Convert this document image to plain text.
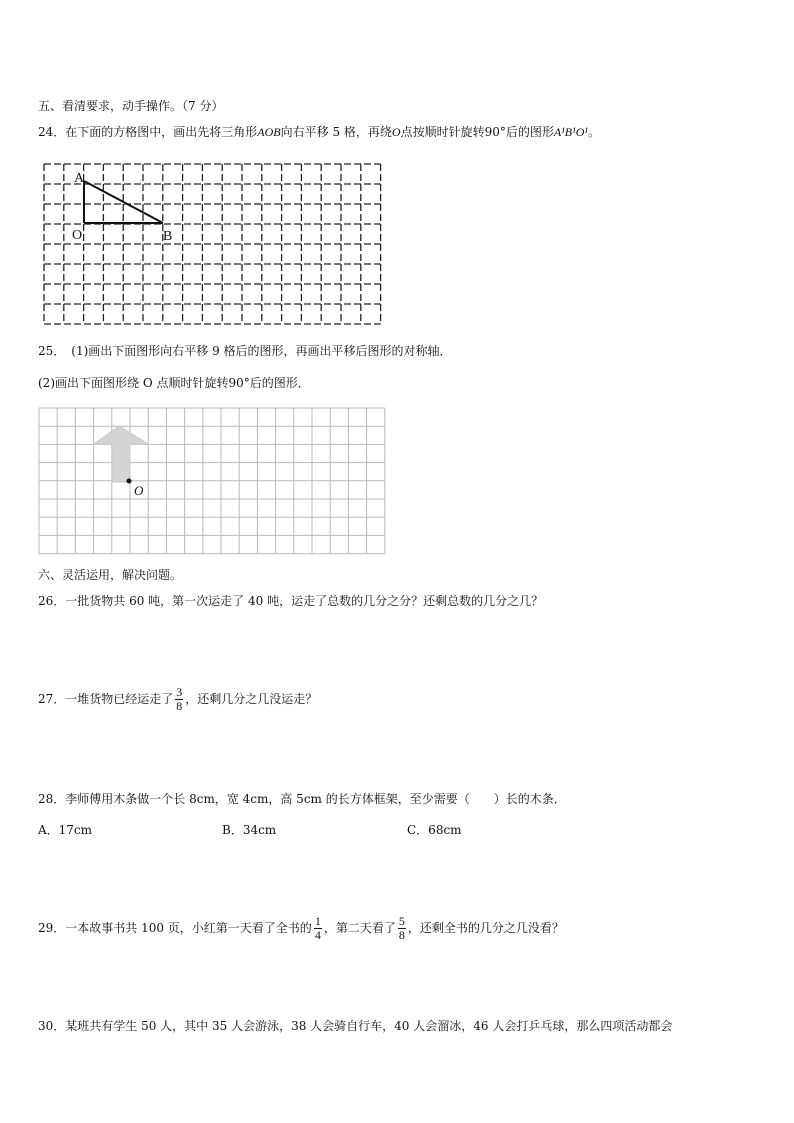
五、看清要求，动手操作。（7 分）
24．在下面的方格图中，画出先将三角形AOB向右平移 5 格，再绕O点按顺时针旋转90°后的图形A¹B¹O¹。
A
O	B
25．　(1)画出下面图形向右平移 9 格后的图形，再画出平移后图形的对称轴．
(2)画出下面图形绕 O 点顺时针旋转90°后的图形．
O
六、灵活运用，解决问题。
26．一批货物共 60 吨，第一次运走了 40 吨，运走了总数的几分之分？还剩总数的几分之几？
27．一堆货物已经运走了 $\frac{3}{8}$ ，还剩几分之几没运走？
28．李师傅用木条做一个长 8cm，宽 4cm，高 5cm 的长方体框架，至少需要（　　）长的木条．
A．17cm	B．34cm	C．68cm
29．一本故事书共 100 页，小红第一天看了全书的 $\frac{1}{4}$ ，第二天看了 $\frac{5}{8}$ ，还剩全书的几分之几没看？
30．某班共有学生 50 人，其中 35 人会游泳，38 人会骑自行车，40 人会溜冰，46 人会打乒乓球，那么四项活动都会
